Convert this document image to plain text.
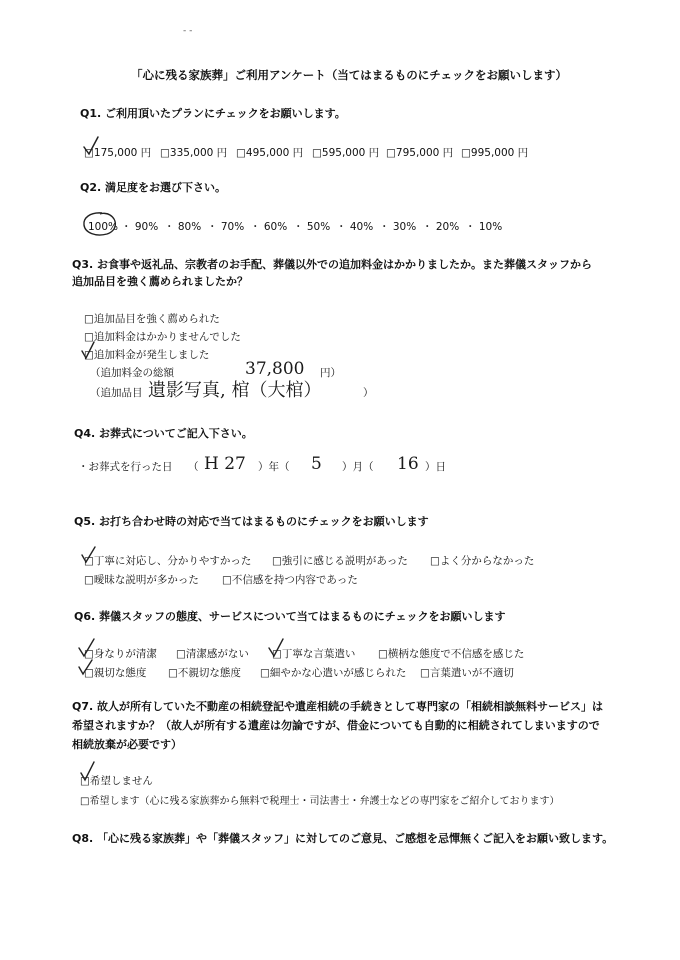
- -
「心に残る家族葬」ご利用アンケート（当てはまるものにチェックをお願いします）
Q1. ご利用頂いたプランにチェックをお願いします。
□175,000 円 □335,000 円 □495,000 円 □595,000 円 □795,000 円 □995,000 円
Q2. 満足度をお選び下さい。
100% ・ 90% ・ 80% ・ 70% ・ 60% ・ 50% ・ 40% ・ 30% ・ 20% ・ 10%
Q3. お食事や返礼品、宗教者のお手配、葬儀以外での追加料金はかかりましたか。また葬儀スタッフから
追加品目を強く薦められましたか？
□追加品目を強く薦められた
□追加料金はかかりませんでした
□追加料金が発生しました
（追加料金の総額	37,800 円）
（追加品目 遺影写真, 棺（大棺）	）
Q4. お葬式についてご記入下さい。
・お葬式を行った日 （ H 27 ）年（ 5 ）月（ 16 ）日
Q5. お打ち合わせ時の対応で当てはまるものにチェックをお願いします
□丁寧に対応し、分かりやすかった □強引に感じる説明があった □よく分からなかった
□曖昧な説明が多かった □不信感を持つ内容であった
Q6. 葬儀スタッフの態度、サービスについて当てはまるものにチェックをお願いします
□身なりが清潔 □清潔感がない □丁寧な言葉遣い □横柄な態度で不信感を感じた
□親切な態度 □不親切な態度 □細やかな心遣いが感じられた □言葉遣いが不適切
Q7. 故人が所有していた不動産の相続登記や遺産相続の手続きとして専門家の「相続相談無料サービス」は
希望されますか？（故人が所有する遺産は勿論ですが、借金についても自動的に相続されてしまいますので
相続放棄が必要です）
□希望しません
□希望します（心に残る家族葬から無料で税理士・司法書士・弁護士などの専門家をご紹介しております）
Q8. 「心に残る家族葬」や「葬儀スタッフ」に対してのご意見、ご感想を忌憚無くご記入をお願い致します。
